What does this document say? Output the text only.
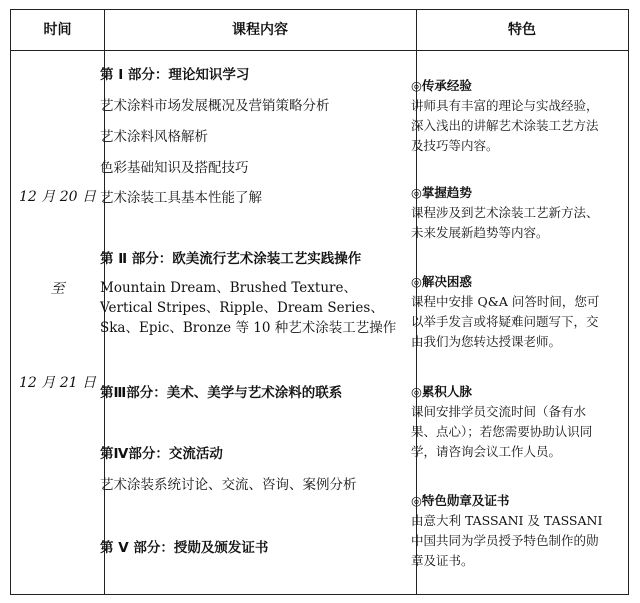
时间	课程内容	特色
12 月 20 日
至
12 月 21 日
第 Ⅰ 部分：理论知识学习
艺术涂料市场发展概况及营销策略分析
艺术涂料风格解析
色彩基础知识及搭配技巧
艺术涂装工具基本性能了解
第 Ⅱ 部分：欧美流行艺术涂装工艺实践操作
Mountain Dream、Brushed Texture、Vertical Stripes、Ripple、Dream Series、Ska、Epic、Bronze 等 10 种艺术涂装工艺操作
第Ⅲ部分：美术、美学与艺术涂料的联系
第Ⅳ部分：交流活动
艺术涂装系统讨论、交流、咨询、案例分析
第 Ⅴ 部分：授勋及颁发证书
◎传承经验
讲师具有丰富的理论与实战经验，深入浅出的讲解艺术涂装工艺方法及技巧等内容。
◎掌握趋势
课程涉及到艺术涂装工艺新方法、未来发展新趋势等内容。
◎解决困惑
课程中安排 Q&A 问答时间，您可以举手发言或将疑难问题写下，交由我们为您转达授课老师。
◎累积人脉
课间安排学员交流时间（备有水果、点心）；若您需要协助认识同学，请咨询会议工作人员。
◎特色勋章及证书
由意大利 TASSANI 及 TASSANI 中国共同为学员授予特色制作的勋章及证书。
